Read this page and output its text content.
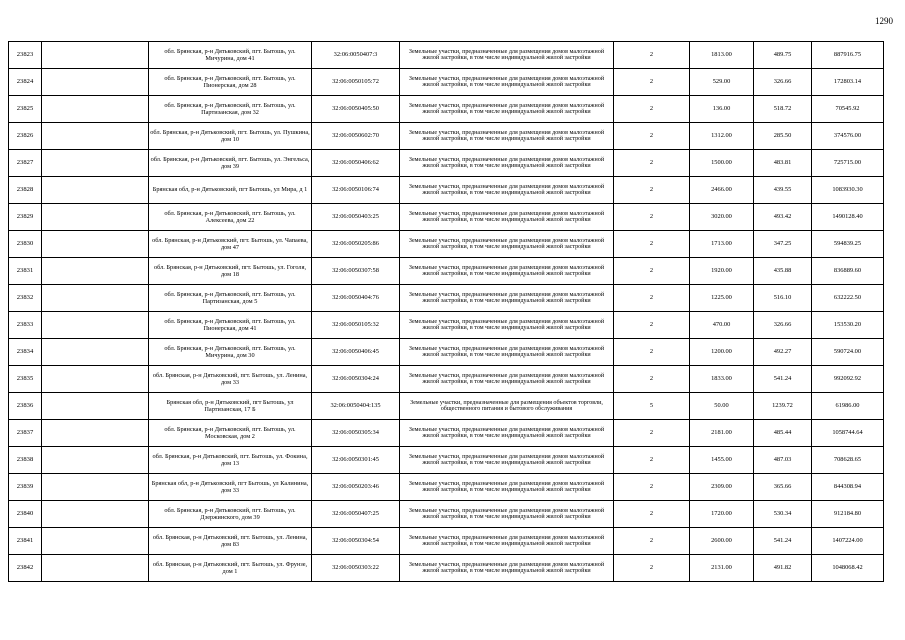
1290
23823		обл. Брянская, р-н Дятьковский, пгт. Бытошь, ул. Мичурина, дом 41	32:06:0050407:3	Земельные участки, предназначенные для размещения домов малоэтажной жилой застройки, в том числе индивидуальной жилой застройки	2	1813.00	489.75	887916.75
23824		обл. Брянская, р-н Дятьковский, пгт. Бытошь, ул. Пионерская, дом 28	32:06:0050105:72	Земельные участки, предназначенные для размещения домов малоэтажной жилой застройки, в том числе индивидуальной жилой застройки	2	529.00	326.66	172803.14
23825		обл. Брянская, р-н Дятьковский, пгт. Бытошь, ул. Партизанская, дом 32	32:06:0050405:50	Земельные участки, предназначенные для размещения домов малоэтажной жилой застройки, в том числе индивидуальной жилой застройки	2	136.00	518.72	70545.92
23826		обл. Брянская, р-н Дятьковский, пгт. Бытошь, ул. Пушкина, дом 10	32:06:0050602:70	Земельные участки, предназначенные для размещения домов малоэтажной жилой застройки, в том числе индивидуальной жилой застройки	2	1312.00	285.50	374576.00
23827		обл. Брянская, р-н Дятьковский, пгт. Бытошь, ул. Энгельса, дом 39	32:06:0050406:62	Земельные участки, предназначенные для размещения домов малоэтажной жилой застройки, в том числе индивидуальной жилой застройки	2	1500.00	483.81	725715.00
23828		Брянская обл, р-н Дятьковский, пгт Бытошь, ул Мира, д 1	32:06:0050106:74	Земельные участки, предназначенные для размещения домов малоэтажной жилой застройки, в том числе индивидуальной жилой застройки	2	2466.00	439.55	1083930.30
23829		обл. Брянская, р-н Дятьковский, пгт. Бытошь, ул. Алексеева, дом 22	32:06:0050403:25	Земельные участки, предназначенные для размещения домов малоэтажной жилой застройки, в том числе индивидуальной жилой застройки	2	3020.00	493.42	1490128.40
23830		обл. Брянская, р-н Дятьковский, пгт. Бытошь, ул. Чапаева, дом 47	32:06:0050205:86	Земельные участки, предназначенные для размещения домов малоэтажной жилой застройки, в том числе индивидуальной жилой застройки	2	1713.00	347.25	594839.25
23831		обл. Брянская, р-н Дятьковский, пгт. Бытошь, ул. Гоголя, дом 18	32:06:0050307:58	Земельные участки, предназначенные для размещения домов малоэтажной жилой застройки, в том числе индивидуальной жилой застройки	2	1920.00	435.88	836889.60
23832		обл. Брянская, р-н Дятьковский, пгт. Бытошь, ул. Партизанская, дом 5	32:06:0050404:76	Земельные участки, предназначенные для размещения домов малоэтажной жилой застройки, в том числе индивидуальной жилой застройки	2	1225.00	516.10	632222.50
23833		обл. Брянская, р-н Дятьковский, пгт. Бытошь, ул. Пионерская, дом 41	32:06:0050105:32	Земельные участки, предназначенные для размещения домов малоэтажной жилой застройки, в том числе индивидуальной жилой застройки	2	470.00	326.66	153530.20
23834		обл. Брянская, р-н Дятьковский, пгт. Бытошь, ул. Мичурина, дом 30	32:06:0050406:45	Земельные участки, предназначенные для размещения домов малоэтажной жилой застройки, в том числе индивидуальной жилой застройки	2	1200.00	492.27	590724.00
23835		обл. Брянская, р-н Дятьковский, пгт. Бытошь, ул. Ленина, дом 33	32:06:0050304:24	Земельные участки, предназначенные для размещения домов малоэтажной жилой застройки, в том числе индивидуальной жилой застройки	2	1833.00	541.24	992092.92
23836		Брянская обл, р-н Дятьковский, пгт Бытошь, ул Партизанская, 17 Б	32:06:0050404:135	Земельные участки, предназначенные для размещения объектов торговли, общественного питания и бытового обслуживания	5	50.00	1239.72	61986.00
23837		обл. Брянская, р-н Дятьковский, пгт. Бытошь, ул. Московская, дом 2	32:06:0050305:34	Земельные участки, предназначенные для размещения домов малоэтажной жилой застройки, в том числе индивидуальной жилой застройки	2	2181.00	485.44	1058744.64
23838		обл. Брянская, р-н Дятьковский, пгт. Бытошь, ул. Фокина, дом 13	32:06:0050301:45	Земельные участки, предназначенные для размещения домов малоэтажной жилой застройки, в том числе индивидуальной жилой застройки	2	1455.00	487.03	708628.65
23839		Брянская обл, р-н Дятьковский, пгт Бытошь, ул Калинина, дом 33	32:06:0050203:46	Земельные участки, предназначенные для размещения домов малоэтажной жилой застройки, в том числе индивидуальной жилой застройки	2	2309.00	365.66	844308.94
23840		обл. Брянская, р-н Дятьковский, пгт. Бытошь, ул. Дзержинского, дом 39	32:06:0050407:25	Земельные участки, предназначенные для размещения домов малоэтажной жилой застройки, в том числе индивидуальной жилой застройки	2	1720.00	530.34	912184.80
23841		обл. Брянская, р-н Дятьковский, пгт. Бытошь, ул. Ленина, дом 83	32:06:0050304:54	Земельные участки, предназначенные для размещения домов малоэтажной жилой застройки, в том числе индивидуальной жилой застройки	2	2600.00	541.24	1407224.00
23842		обл. Брянская, р-н Дятьковский, пгт. Бытошь, ул. Фрунзе, дом 1	32:06:0050303:22	Земельные участки, предназначенные для размещения домов малоэтажной жилой застройки, в том числе индивидуальной жилой застройки	2	2131.00	491.82	1048068.42
